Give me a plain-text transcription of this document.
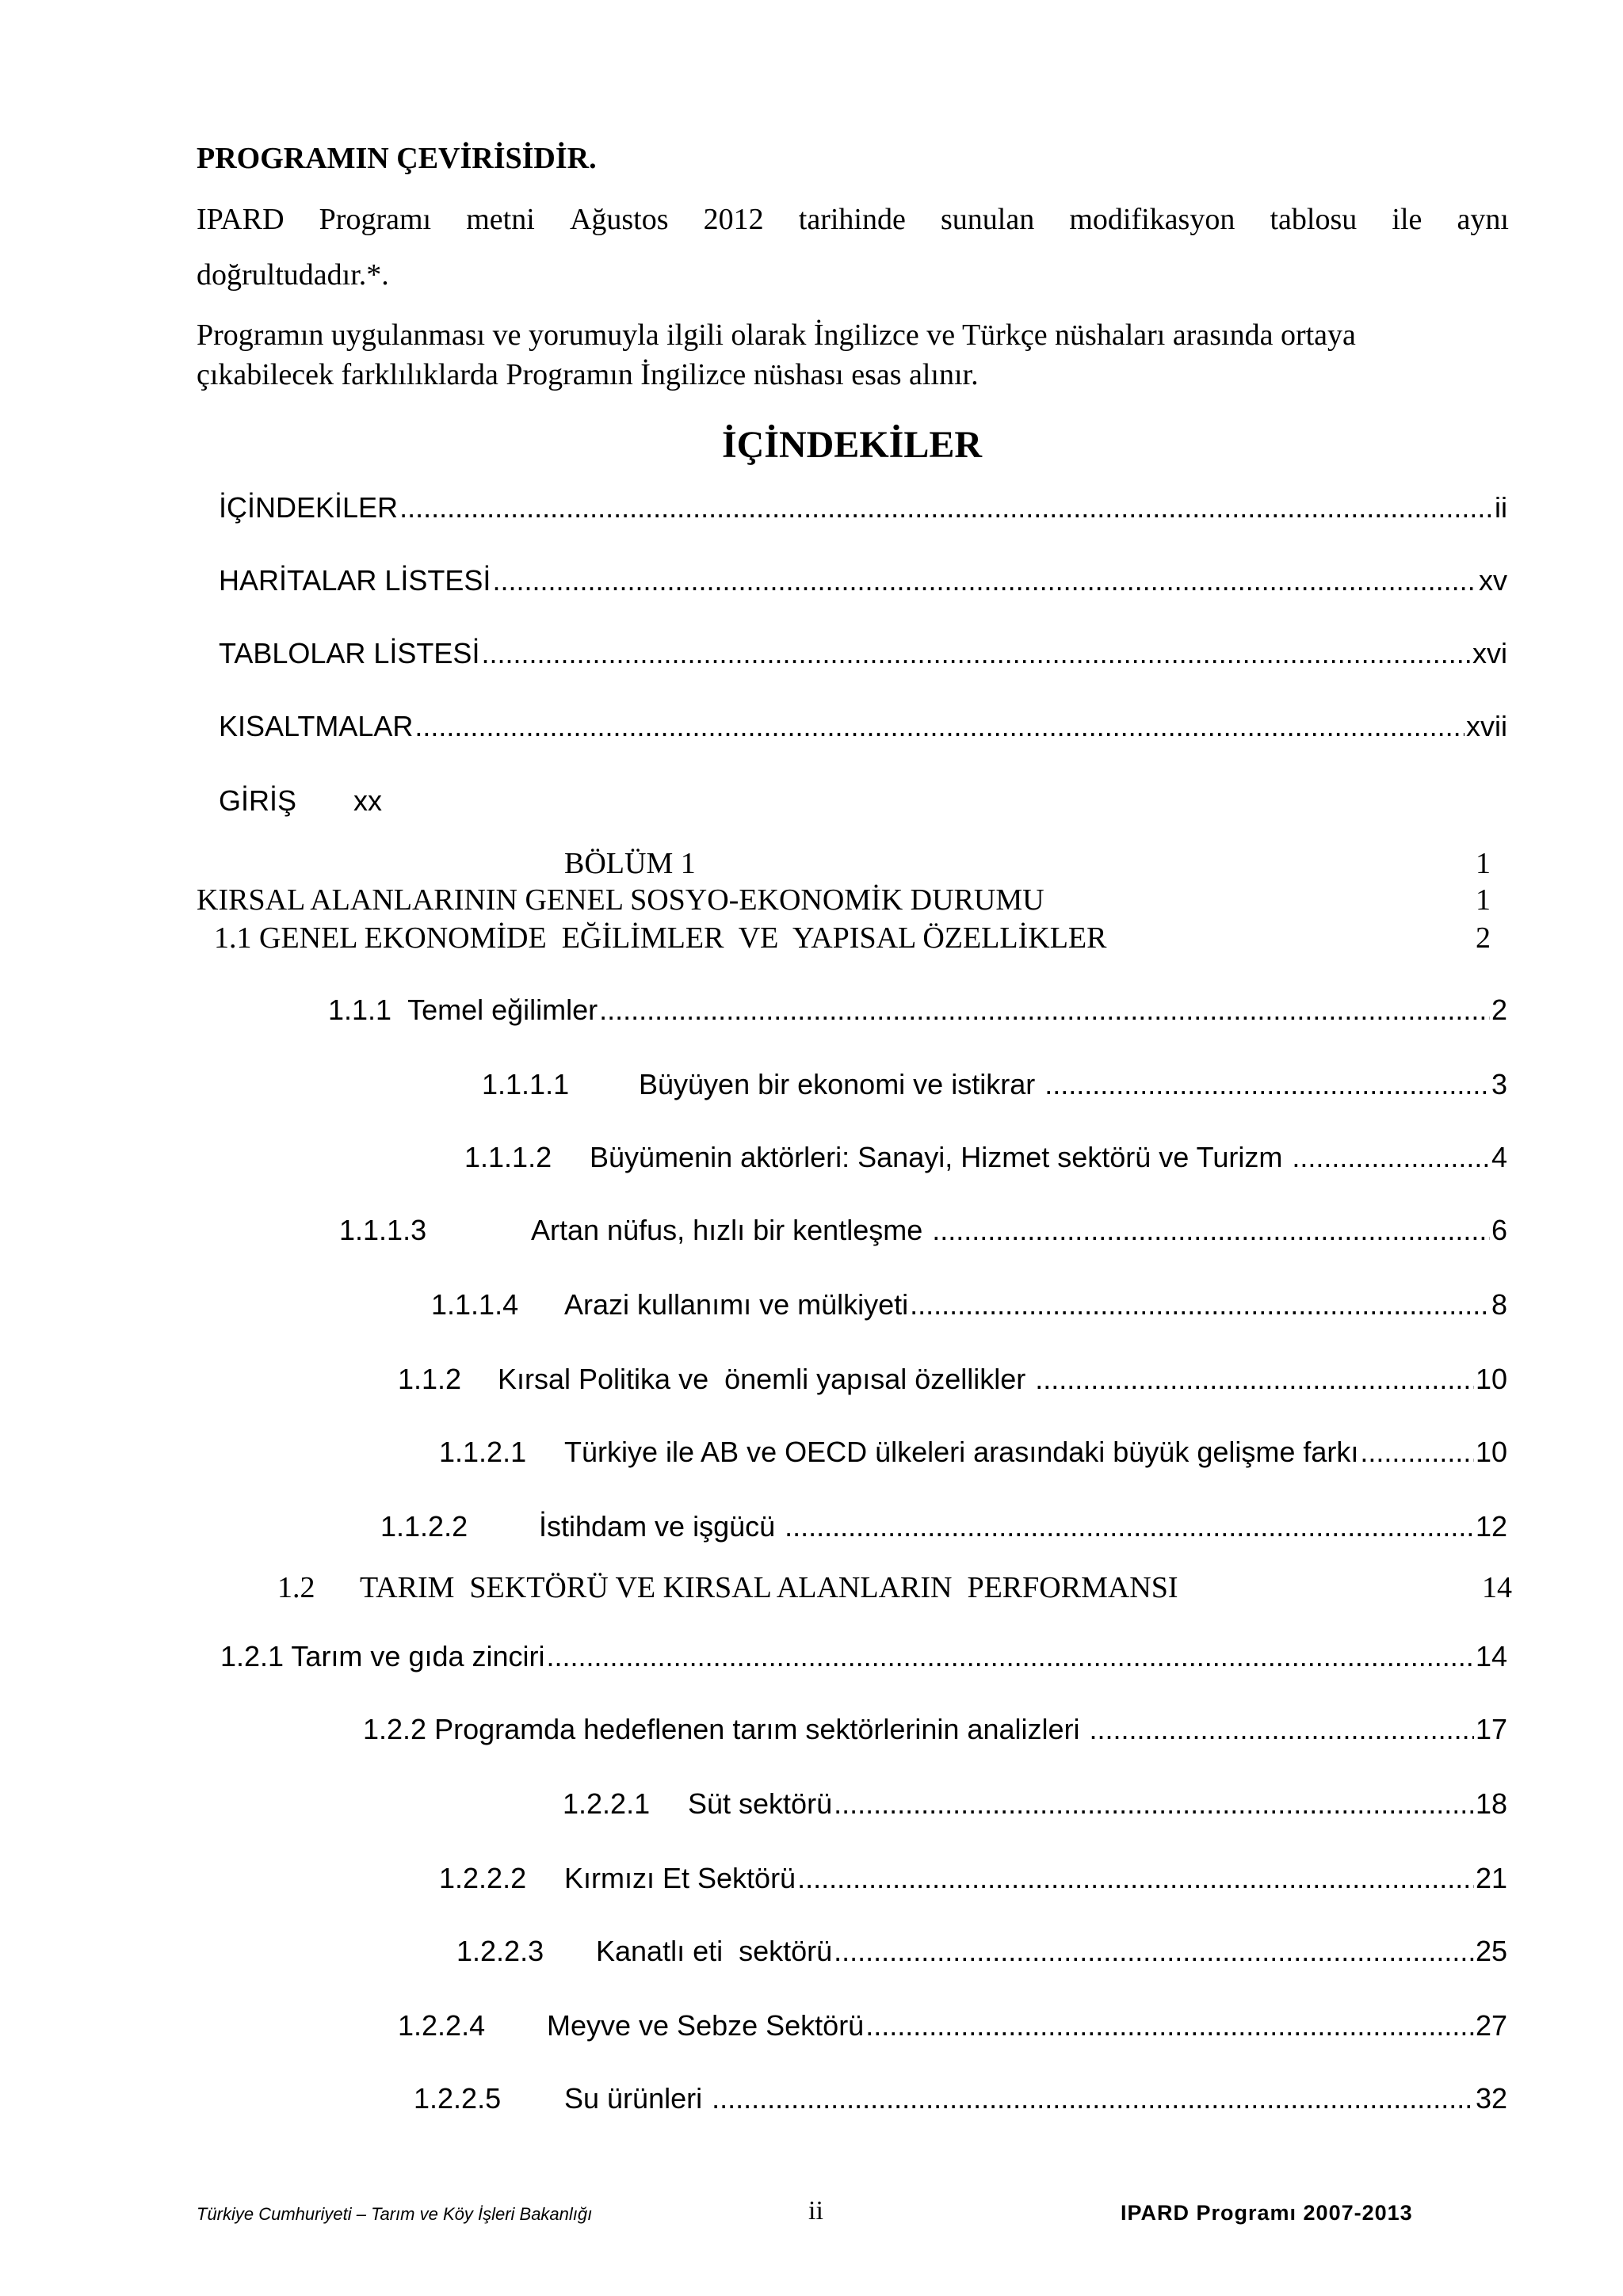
PROGRAMIN ÇEVİRİSİDİR.
IPARD Programı metni Ağustos 2012 tarihinde sunulan modifikasyon tablosu ile aynı
doğrultudadır.*.
Programın uygulanması ve yorumuyla ilgili olarak İngilizce ve Türkçe nüshaları arasında ortaya
çıkabilecek farklılıklarda Programın İngilizce nüshası esas alınır.
İÇİNDEKİLER
İÇİNDEKİLER .....	ii
HARİTALAR LİSTESİ .....	xv
TABLOLAR LİSTESİ .....	xvi
KISALTMALAR .....	xvii
GİRİŞ xx
BÖLÜM 1	1
KIRSAL ALANLARININ GENEL SOSYO-EKONOMİK DURUMU	1
1.1 GENEL EKONOMİDE  EĞİLİMLER  VE  YAPISAL ÖZELLİKLER	2
1.1.1 Temel eğilimler .....	2
1.1.1.1	Büyüyen bir ekonomi ve istikrar .....	3
1.1.1.2	Büyümenin aktörleri: Sanayi, Hizmet sektörü ve Turizm .....	4
1.1.1.3	Artan nüfus, hızlı bir kentleşme .....	6
1.1.1.4	Arazi kullanımı ve mülkiyeti .....	8
1.1.2	Kırsal Politika ve  önemli yapısal özellikler .....	10
1.1.2.1	Türkiye ile AB ve OECD ülkeleri arasındaki büyük gelişme farkı .....	10
1.1.2.2	İstihdam ve işgücü .....	12
1.2 TARIM  SEKTÖRÜ VE KIRSAL ALANLARIN  PERFORMANSI	14
1.2.1 Tarım ve gıda zinciri .....	14
1.2.2 Programda hedeflenen tarım sektörlerinin analizleri .....	17
1.2.2.1	Süt sektörü .....	18
1.2.2.2	Kırmızı Et Sektörü .....	21
1.2.2.3	Kanatlı eti  sektörü .....	25
1.2.2.4	Meyve ve Sebze Sektörü .....	27
1.2.2.5	Su ürünleri .....	32
Türkiye Cumhuriyeti – Tarım ve Köy İşleri Bakanlığı	ii	IPARD Programı 2007-2013
